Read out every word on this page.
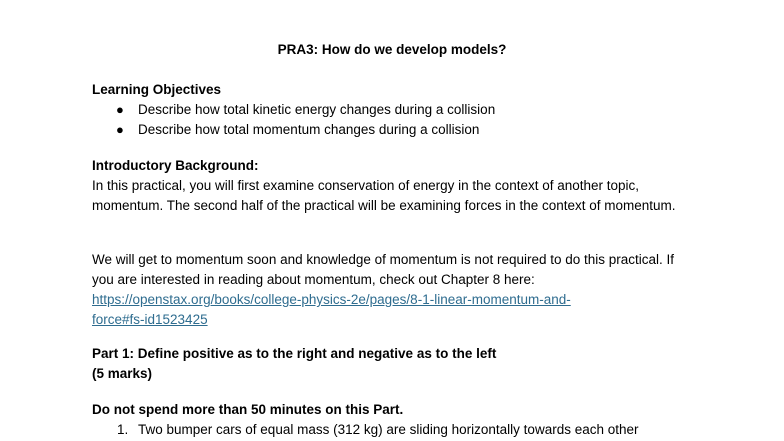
PRA3: How do we develop models?
Learning Objectives
● Describe how total kinetic energy changes during a collision
● Describe how total momentum changes during a collision
Introductory Background:

In this practical, you will first examine conservation of energy in the context of another topic, momentum. The second half of the practical will be examining forces in the context of momentum.

We will get to momentum soon and knowledge of momentum is not required to do this practical. If you are interested in reading about momentum, check out Chapter 8 here:

https://openstax.org/books/college-physics-2e/pages/8-1-linear-momentum-and-
force#fs-id1523425
Part 1: Define positive as to the right and negative as to the left
(5 marks)
Do not spend more than 50 minutes on this Part.
1. Two bumper cars of equal mass (312 kg) are sliding horizontally towards each other
